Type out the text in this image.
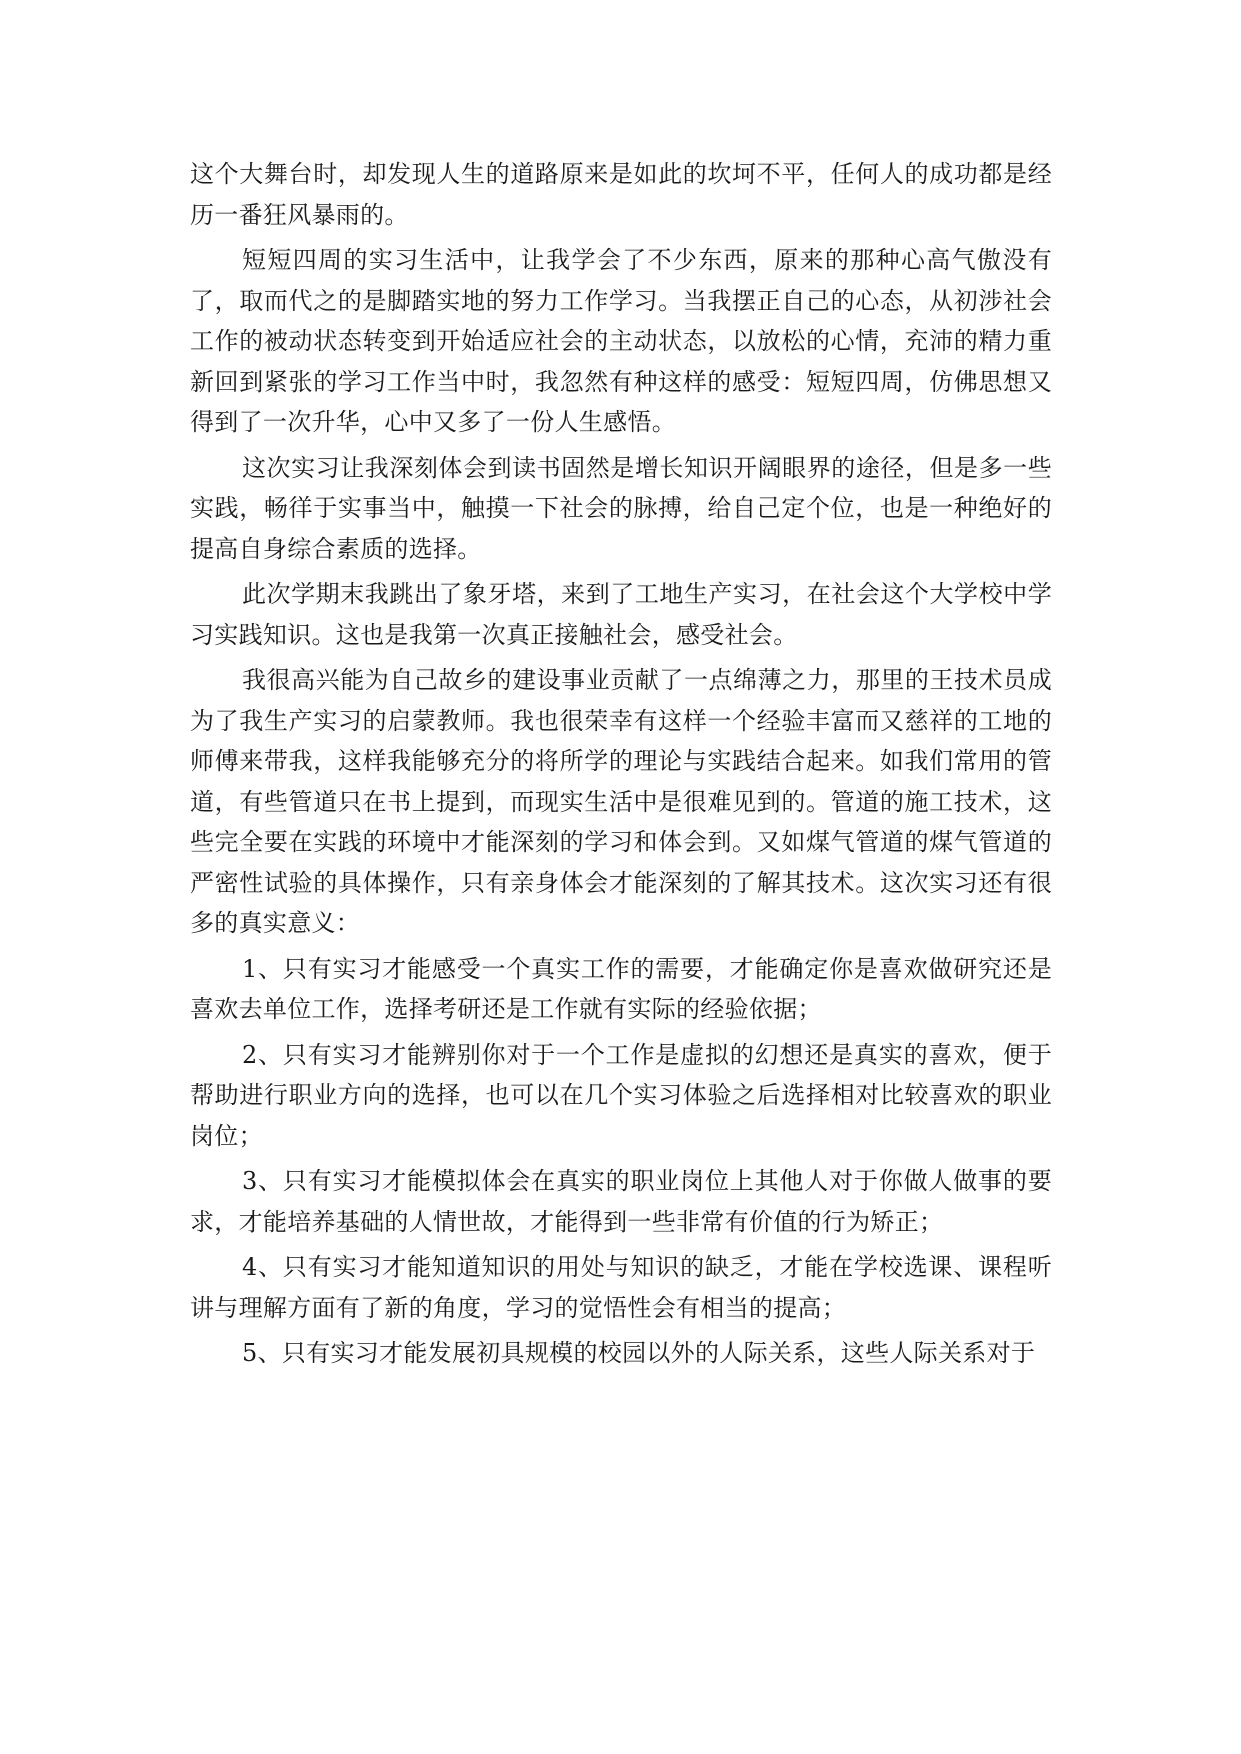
这个大舞台时，却发现人生的道路原来是如此的坎坷不平，任何人的成功都是经历一番狂风暴雨的。

短短四周的实习生活中，让我学会了不少东西，原来的那种心高气傲没有了，取而代之的是脚踏实地的努力工作学习。当我摆正自己的心态，从初涉社会工作的被动状态转变到开始适应社会的主动状态，以放松的心情，充沛的精力重新回到紧张的学习工作当中时，我忽然有种这样的感受：短短四周，仿佛思想又得到了一次升华，心中又多了一份人生感悟。

这次实习让我深刻体会到读书固然是增长知识开阔眼界的途径，但是多一些实践，畅徉于实事当中，触摸一下社会的脉搏，给自己定个位，也是一种绝好的提高自身综合素质的选择。

此次学期末我跳出了象牙塔，来到了工地生产实习，在社会这个大学校中学习实践知识。这也是我第一次真正接触社会，感受社会。

我很高兴能为自己故乡的建设事业贡献了一点绵薄之力，那里的王技术员成为了我生产实习的启蒙教师。我也很荣幸有这样一个经验丰富而又慈祥的工地的师傅来带我，这样我能够充分的将所学的理论与实践结合起来。如我们常用的管道，有些管道只在书上提到，而现实生活中是很难见到的。管道的施工技术，这些完全要在实践的环境中才能深刻的学习和体会到。又如煤气管道的煤气管道的严密性试验的具体操作，只有亲身体会才能深刻的了解其技术。这次实习还有很多的真实意义：

1、只有实习才能感受一个真实工作的需要，才能确定你是喜欢做研究还是喜欢去单位工作，选择考研还是工作就有实际的经验依据；

2、只有实习才能辨别你对于一个工作是虚拟的幻想还是真实的喜欢，便于帮助进行职业方向的选择，也可以在几个实习体验之后选择相对比较喜欢的职业岗位；

3、只有实习才能模拟体会在真实的职业岗位上其他人对于你做人做事的要求，才能培养基础的人情世故，才能得到一些非常有价值的行为矫正；

4、只有实习才能知道知识的用处与知识的缺乏，才能在学校选课、课程听讲与理解方面有了新的角度，学习的觉悟性会有相当的提高；

5、只有实习才能发展初具规模的校园以外的人际关系，这些人际关系对于
